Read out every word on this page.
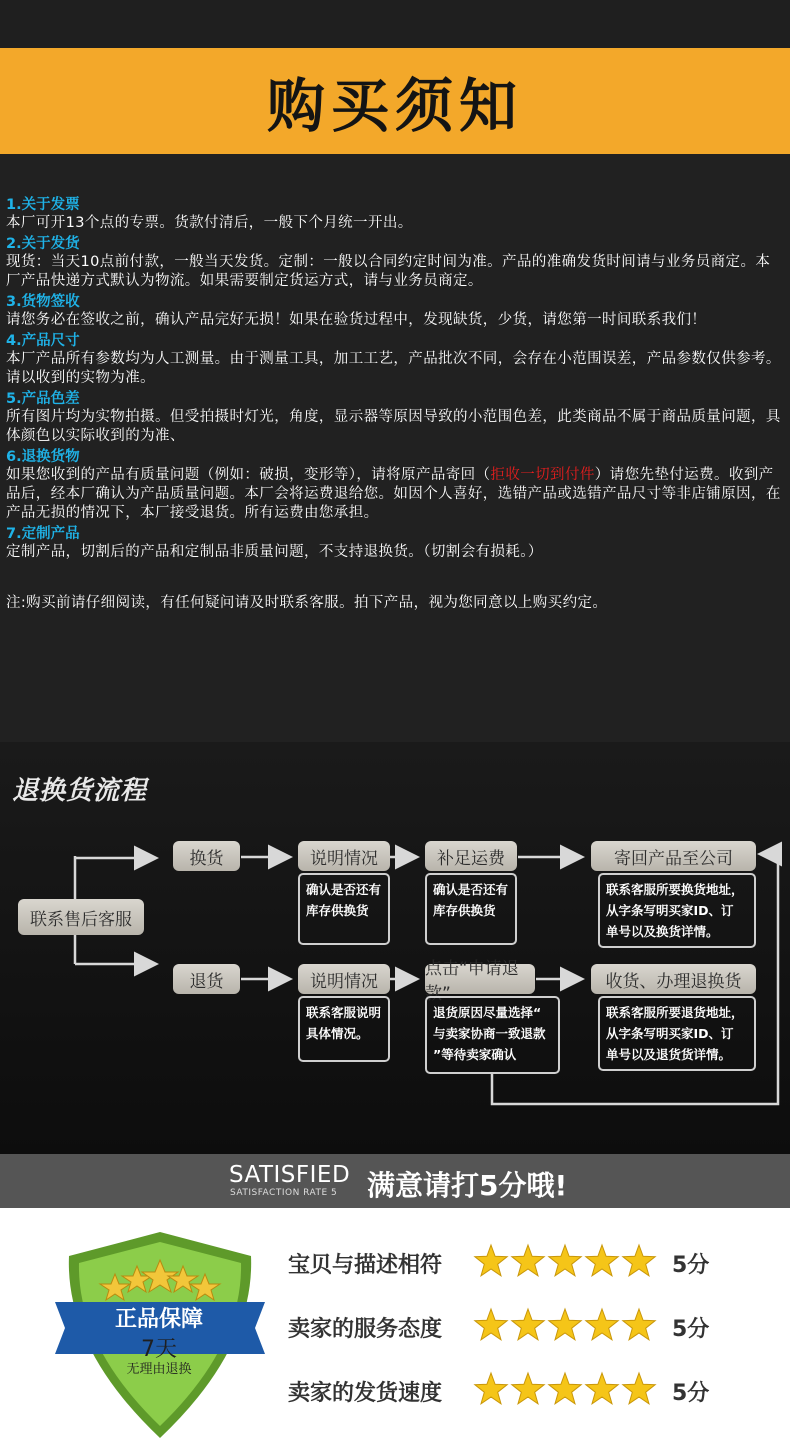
购买须知
1.关于发票
本厂可开13个点的专票。货款付清后，一般下个月统一开出。
2.关于发货
现货：当天10点前付款，一般当天发货。定制：一般以合同约定时间为准。产品的准确发货时间请与业务员商定。本厂产品快递方式默认为物流。如果需要制定货运方式，请与业务员商定。
3.货物签收
请您务必在签收之前，确认产品完好无损！如果在验货过程中，发现缺货，少货，请您第一时间联系我们！
4.产品尺寸
本厂产品所有参数均为人工测量。由于测量工具，加工工艺，产品批次不同，会存在小范围误差，产品参数仅供参考。请以收到的实物为准。
5.产品色差
所有图片均为实物拍摄。但受拍摄时灯光，角度，显示器等原因导致的小范围色差，此类商品不属于商品质量问题，具体颜色以实际收到的为准、
6.退换货物
如果您收到的产品有质量问题（例如：破损，变形等），请将原产品寄回（拒收一切到付件）请您先垫付运费。收到产品后，经本厂确认为产品质量问题。本厂会将运费退给您。如因个人喜好，选错产品或选错产品尺寸等非店铺原因，在产品无损的情况下，本厂接受退货。所有运费由您承担。
7.定制产品
定制产品，切割后的产品和定制品非质量问题，不支持退换货。（切割会有损耗。）
注:购买前请仔细阅读，有任何疑问请及时联系客服。拍下产品，视为您同意以上购买约定。
退换货流程
联系售后客服
换货	说明情况
确认是否还有
库存供换货
补足运费
确认是否还有
库存供换货
寄回产品至公司
联系客服所要换货地址，
从字条写明买家ID、订
单号以及换货详情。
退货	说明情况
联系客服说明
具体情况。
点击“申请退款”
退货原因尽量选择“
与卖家协商一致退款
”等待卖家确认
收货、办理退换货
联系客服所要退货地址，
从字条写明买家ID、订
单号以及退货货详情。
SATISFIED
SATISFACTION RATE 5 满意请打5分哦!
正品保障
7天
无理由退换
宝贝与描述相符	5分
卖家的服务态度	5分
卖家的发货速度	5分
